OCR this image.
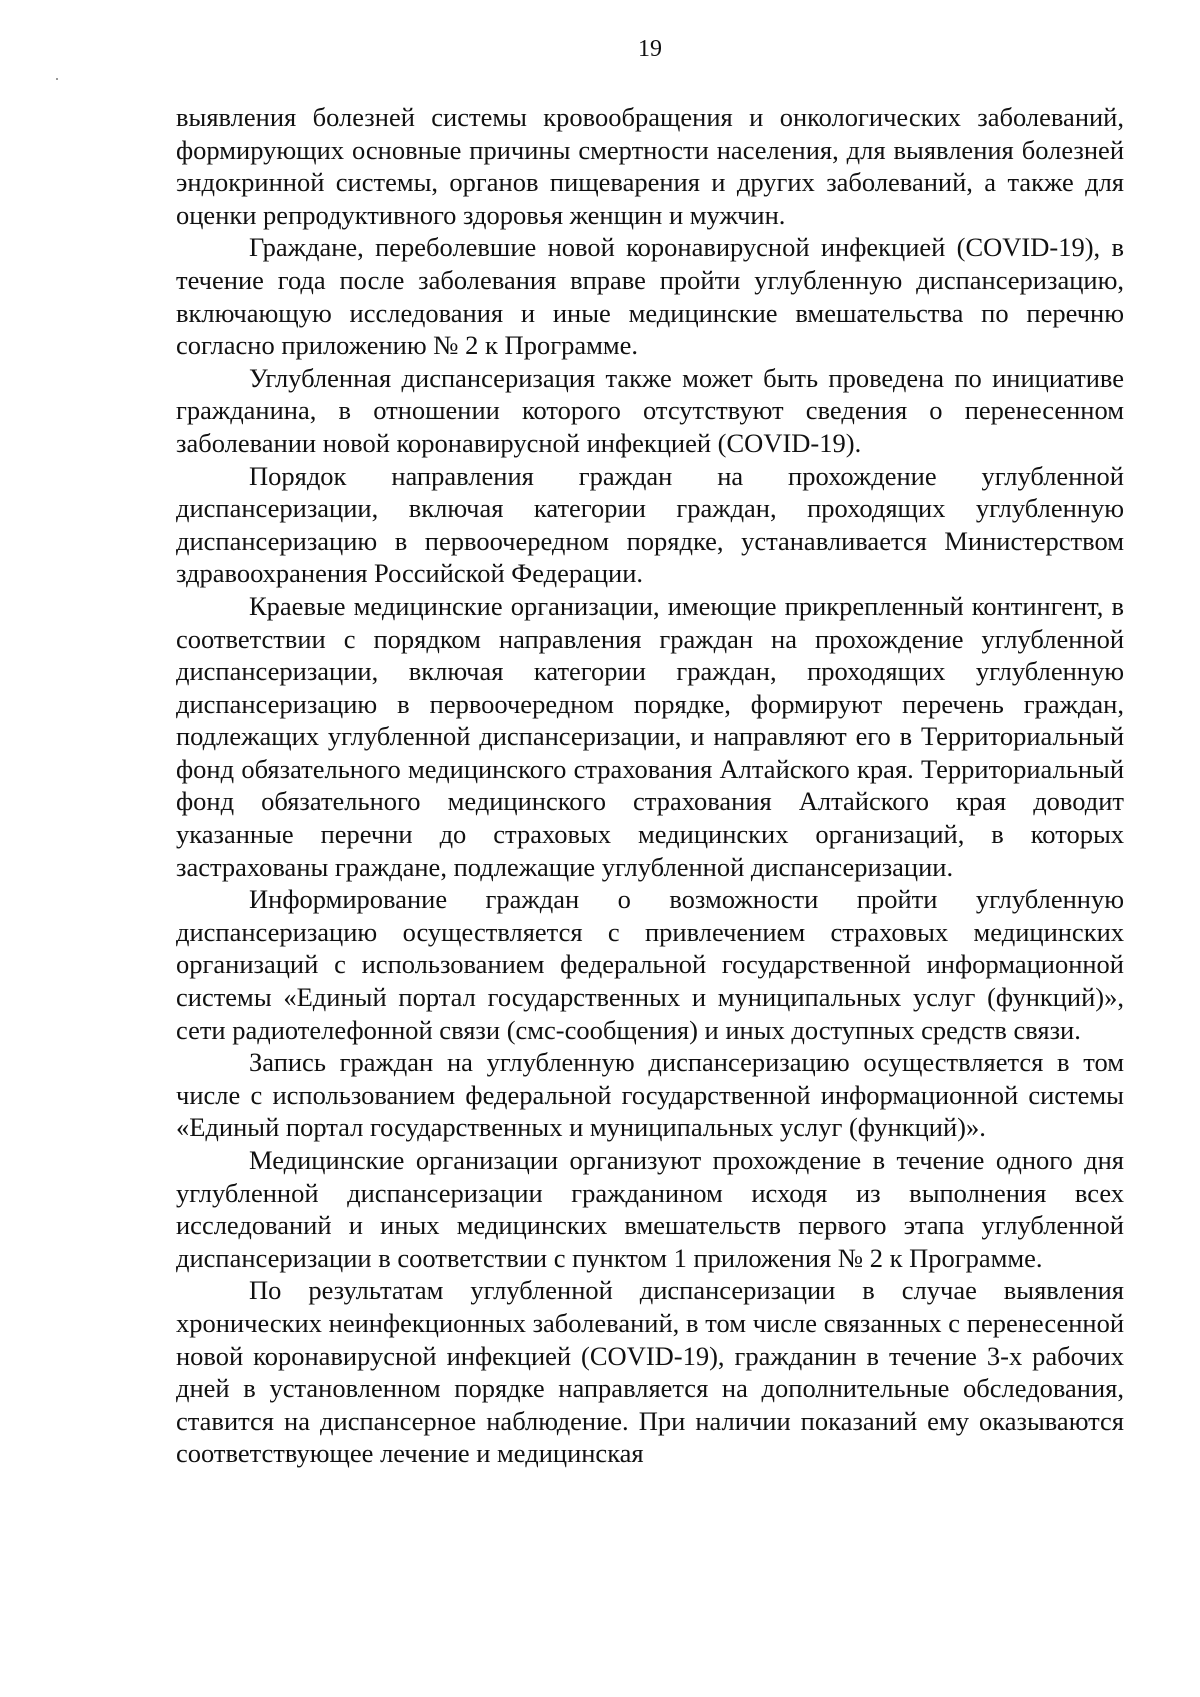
19

выявления болезней системы кровообращения и онкологических заболеваний, формирующих основные причины смертности населения, для выявления болезней эндокринной системы, органов пищеварения и других заболеваний, а также для оценки репродуктивного здоровья женщин и мужчин.

Граждане, переболевшие новой коронавирусной инфекцией (COVID-19), в течение года после заболевания вправе пройти углубленную диспансеризацию, включающую исследования и иные медицинские вмешательства по перечню согласно приложению № 2 к Программе.

Углубленная диспансеризация также может быть проведена по инициативе гражданина, в отношении которого отсутствуют сведения о перенесенном заболевании новой коронавирусной инфекцией (COVID-19).

Порядок направления граждан на прохождение углубленной диспансеризации, включая категории граждан, проходящих углубленную диспансеризацию в первоочередном порядке, устанавливается Министерством здравоохранения Российской Федерации.

Краевые медицинские организации, имеющие прикрепленный контингент, в соответствии с порядком направления граждан на прохождение углубленной диспансеризации, включая категории граждан, проходящих углубленную диспансеризацию в первоочередном порядке, формируют перечень граждан, подлежащих углубленной диспансеризации, и направляют его в Территориальный фонд обязательного медицинского страхования Алтайского края. Территориальный фонд обязательного медицинского страхования Алтайского края доводит указанные перечни до страховых медицинских организаций, в которых застрахованы граждане, подлежащие углубленной диспансеризации.

Информирование граждан о возможности пройти углубленную диспансеризацию осуществляется с привлечением страховых медицинских организаций с использованием федеральной государственной информационной системы «Единый портал государственных и муниципальных услуг (функций)», сети радиотелефонной связи (смс-сообщения) и иных доступных средств связи.

Запись граждан на углубленную диспансеризацию осуществляется в том числе с использованием федеральной государственной информационной системы «Единый портал государственных и муниципальных услуг (функций)».

Медицинские организации организуют прохождение в течение одного дня углубленной диспансеризации гражданином исходя из выполнения всех исследований и иных медицинских вмешательств первого этапа углубленной диспансеризации в соответствии с пунктом 1 приложения № 2 к Программе.

По результатам углубленной диспансеризации в случае выявления хронических неинфекционных заболеваний, в том числе связанных с перенесенной новой коронавирусной инфекцией (COVID-19), гражданин в течение 3-х рабочих дней в установленном порядке направляется на дополнительные обследования, ставится на диспансерное наблюдение. При наличии показаний ему оказываются соответствующее лечение и медицинская
